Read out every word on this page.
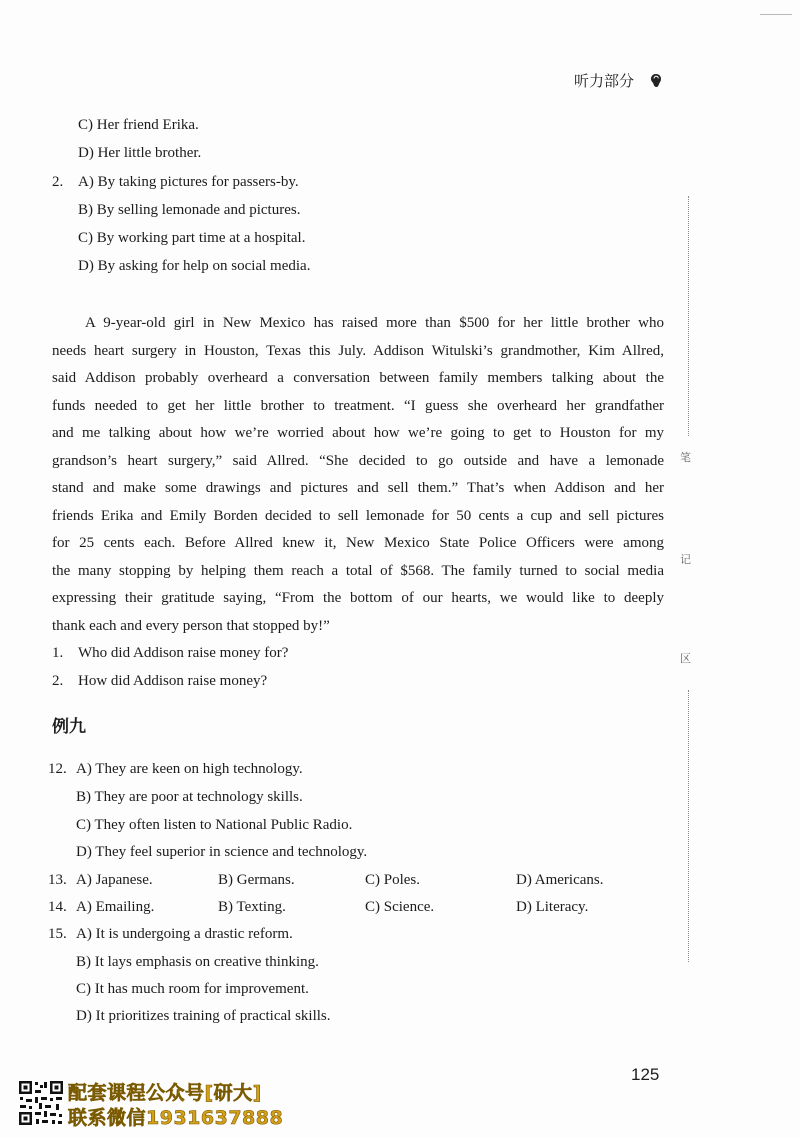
听力部分
C) Her friend Erika.
D) Her little brother.
2. A) By taking pictures for passers-by.
B) By selling lemonade and pictures.
C) By working part time at a hospital.
D) By asking for help on social media.
A 9-year-old girl in New Mexico has raised more than $500 for her little brother who
needs heart surgery in Houston, Texas this July. Addison Witulski’s grandmother, Kim Allred,
said Addison probably overheard a conversation between family members talking about the
funds needed to get her little brother to treatment. “I guess she overheard her grandfather
and me talking about how we’re worried about how we’re going to get to Houston for my
grandson’s heart surgery,” said Allred. “She decided to go outside and have a lemonade
stand and make some drawings and pictures and sell them.” That’s when Addison and her
friends Erika and Emily Borden decided to sell lemonade for 50 cents a cup and sell pictures
for 25 cents each. Before Allred knew it, New Mexico State Police Officers were among
the many stopping by helping them reach a total of $568. The family turned to social media
expressing their gratitude saying, “From the bottom of our hearts, we would like to deeply
thank each and every person that stopped by!”
1. Who did Addison raise money for?
2. How did Addison raise money?
例九
12. A) They are keen on high technology.
B) They are poor at technology skills.
C) They often listen to National Public Radio.
D) They feel superior in science and technology.
13. A) Japanese.	B) Germans.	C) Poles.	D) Americans.
14. A) Emailing.	B) Texting.	C) Science.	D) Literacy.
15. A) It is undergoing a drastic reform.
B) It lays emphasis on creative thinking.
C) It has much room for improvement.
D) It prioritizes training of practical skills.
笔
记
区
125
配套课程公众号[研大]
联系微信1931637888
